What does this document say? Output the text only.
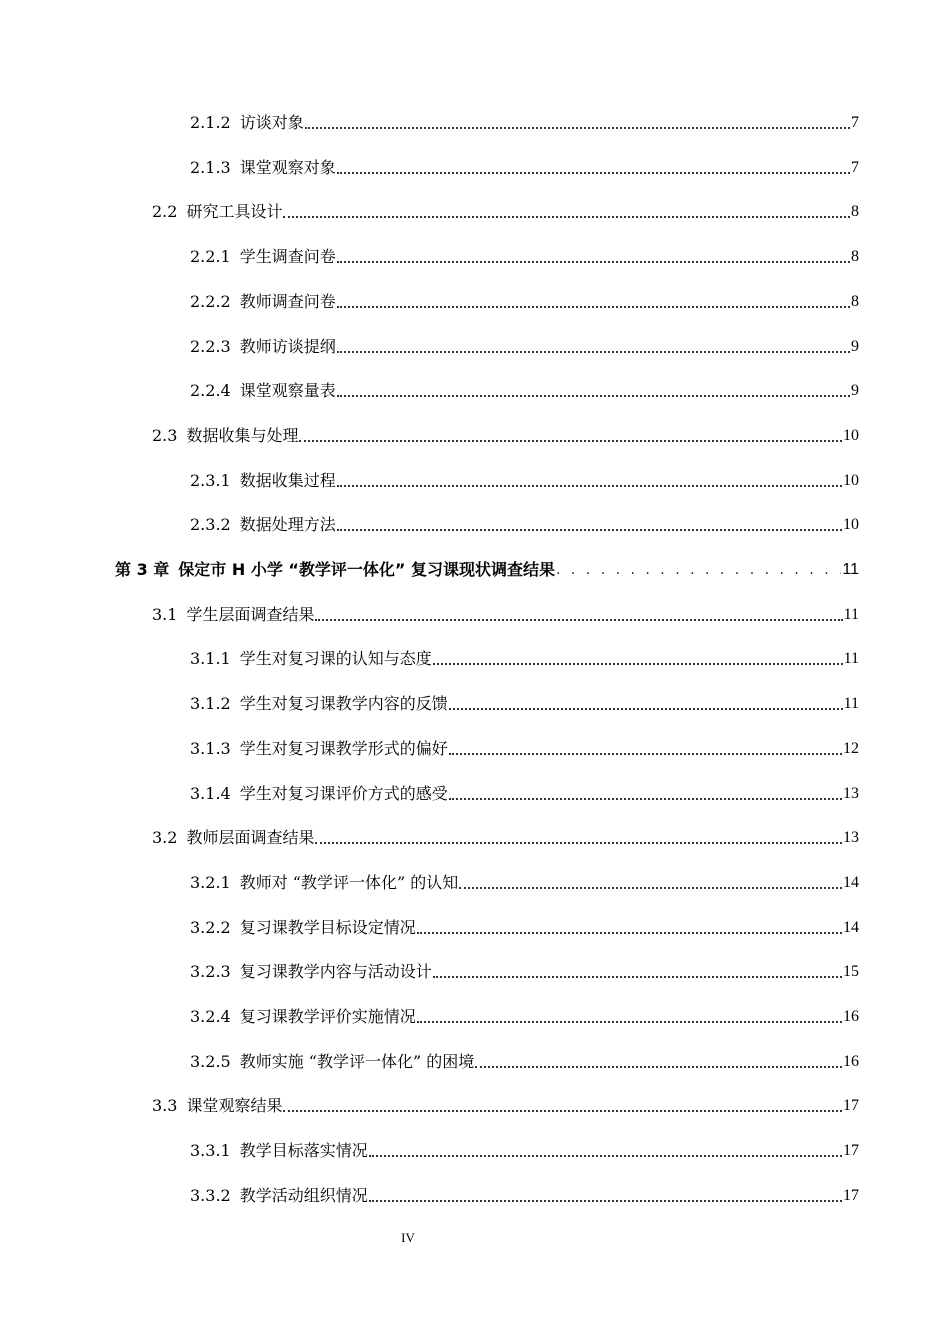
2.1.2 访谈对象	7
2.1.3 课堂观察对象	7
2.2 研究工具设计	8
2.2.1 学生调查问卷	8
2.2.2 教师调查问卷	8
2.2.3 教师访谈提纲	9
2.2.4 课堂观察量表	9
2.3 数据收集与处理	10
2.3.1 数据收集过程	10
2.3.2 数据处理方法	10
第 3 章 保定市 H 小学 “教学评一体化” 复习课现状调查结果 . . .	11
3.1 学生层面调查结果	11
3.1.1 学生对复习课的认知与态度	11
3.1.2 学生对复习课教学内容的反馈	11
3.1.3 学生对复习课教学形式的偏好	12
3.1.4 学生对复习课评价方式的感受	13
3.2 教师层面调查结果	13
3.2.1 教师对 “教学评一体化” 的认知	14
3.2.2 复习课教学目标设定情况	14
3.2.3 复习课教学内容与活动设计	15
3.2.4 复习课教学评价实施情况	16
3.2.5 教师实施 “教学评一体化” 的困境	16
3.3 课堂观察结果	17
3.3.1 教学目标落实情况	17
3.3.2 教学活动组织情况	17
IV
